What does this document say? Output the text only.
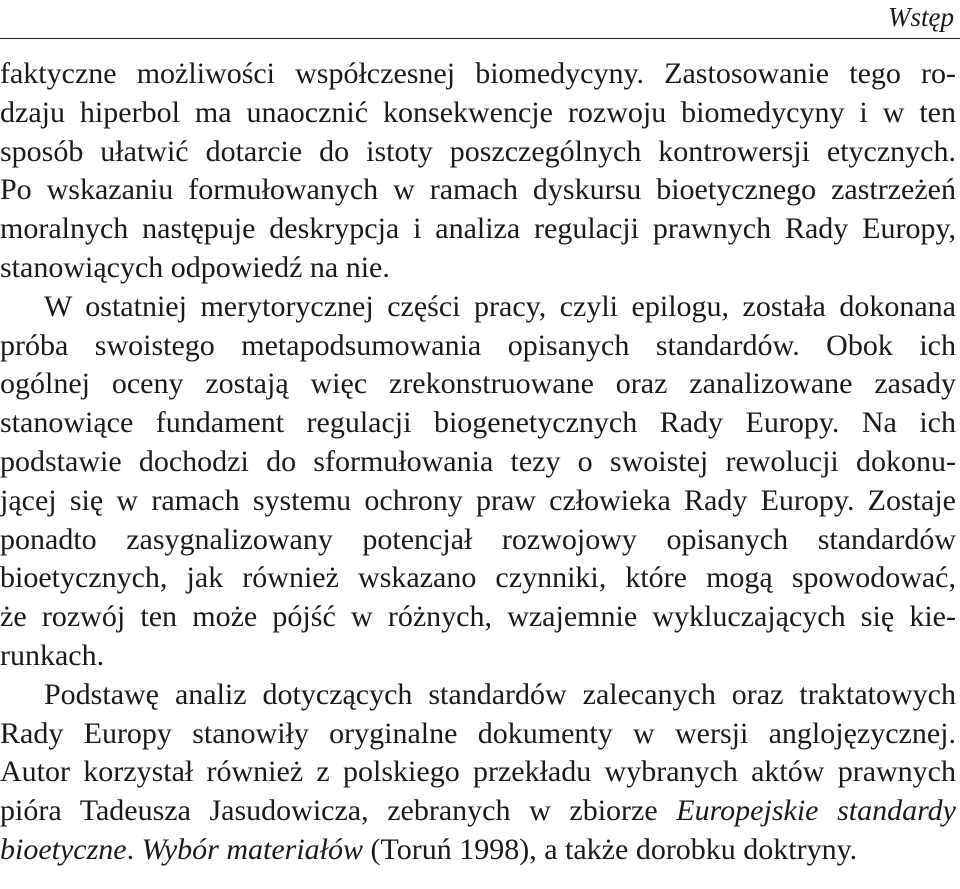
Wstęp
faktyczne możliwości współczesnej biomedycyny. Zastosowanie tego ro-
dzaju hiperbol ma unaocznić konsekwencje rozwoju biomedycyny i w ten
sposób ułatwić dotarcie do istoty poszczególnych kontrowersji etycznych.
Po wskazaniu formułowanych w ramach dyskursu bioetycznego zastrzeżeń
moralnych następuje deskrypcja i analiza regulacji prawnych Rady Europy,
stanowiących odpowiedź na nie.
W ostatniej merytorycznej części pracy, czyli epilogu, została dokonana
próba swoistego metapodsumowania opisanych standardów. Obok ich
ogólnej oceny zostają więc zrekonstruowane oraz zanalizowane zasady
stanowiące fundament regulacji biogenetycznych Rady Europy. Na ich
podstawie dochodzi do sformułowania tezy o swoistej rewolucji dokonu-
jącej się w ramach systemu ochrony praw człowieka Rady Europy. Zostaje
ponadto zasygnalizowany potencjał rozwojowy opisanych standardów
bioetycznych, jak również wskazano czynniki, które mogą spowodować,
że rozwój ten może pójść w różnych, wzajemnie wykluczających się kie-
runkach.
Podstawę analiz dotyczących standardów zalecanych oraz traktatowych
Rady Europy stanowiły oryginalne dokumenty w wersji anglojęzycznej.
Autor korzystał również z polskiego przekładu wybranych aktów prawnych
pióra Tadeusza Jasudowicza, zebranych w zbiorze Europejskie standardy
bioetyczne. Wybór materiałów (Toruń 1998), a także dorobku doktryny.
